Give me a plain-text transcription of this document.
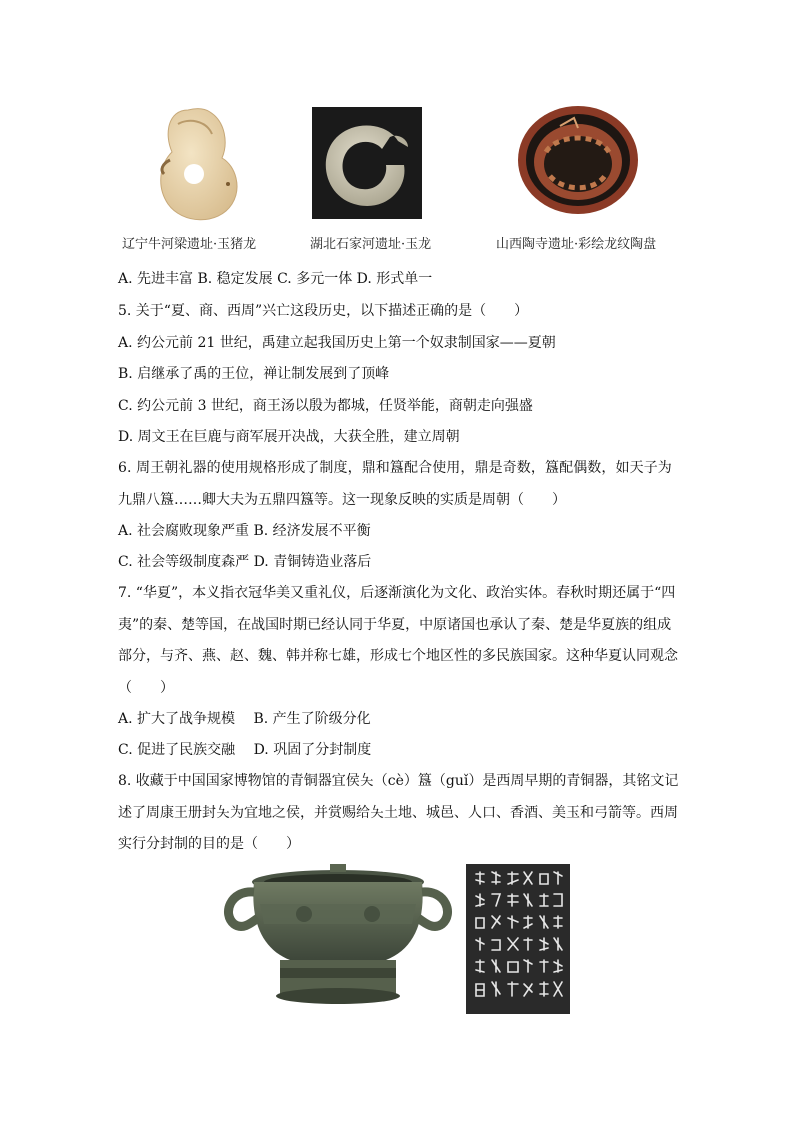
辽宁牛河梁遗址·玉猪龙	湖北石家河遗址·玉龙	山西陶寺遗址·彩绘龙纹陶盘
A. 先进丰富 B. 稳定发展 C. 多元一体 D. 形式单一
5. 关于“夏、商、西周”兴亡这段历史，以下描述正确的是（　　）
A. 约公元前 21 世纪，禹建立起我国历史上第一个奴隶制国家——夏朝
B. 启继承了禹的王位，禅让制发展到了顶峰
C. 约公元前 3 世纪，商王汤以殷为都城，任贤举能，商朝走向强盛
D. 周文王在巨鹿与商军展开决战，大获全胜，建立周朝
6. 周王朝礼器的使用规格形成了制度，鼎和簋配合使用，鼎是奇数，簋配偶数，如天子为
九鼎八簋……卿大夫为五鼎四簋等。这一现象反映的实质是周朝（　　）
A. 社会腐败现象严重 B. 经济发展不平衡
C. 社会等级制度森严 D. 青铜铸造业落后
7. “华夏”，本义指衣冠华美又重礼仪，后逐渐演化为文化、政治实体。春秋时期还属于“四
夷”的秦、楚等国，在战国时期已经认同于华夏，中原诸国也承认了秦、楚是华夏族的组成
部分，与齐、燕、赵、魏、韩并称七雄，形成七个地区性的多民族国家。这种华夏认同观念
（　　）
A. 扩大了战争规模　 B. 产生了阶级分化
C. 促进了民族交融　 D. 巩固了分封制度
8. 收藏于中国国家博物馆的青铜器宜侯夨（cè）簋（guǐ）是西周早期的青铜器，其铭文记
述了周康王册封夨为宜地之侯，并赏赐给夨土地、城邑、人口、香酒、美玉和弓箭等。西周
实行分封制的目的是（　　）
